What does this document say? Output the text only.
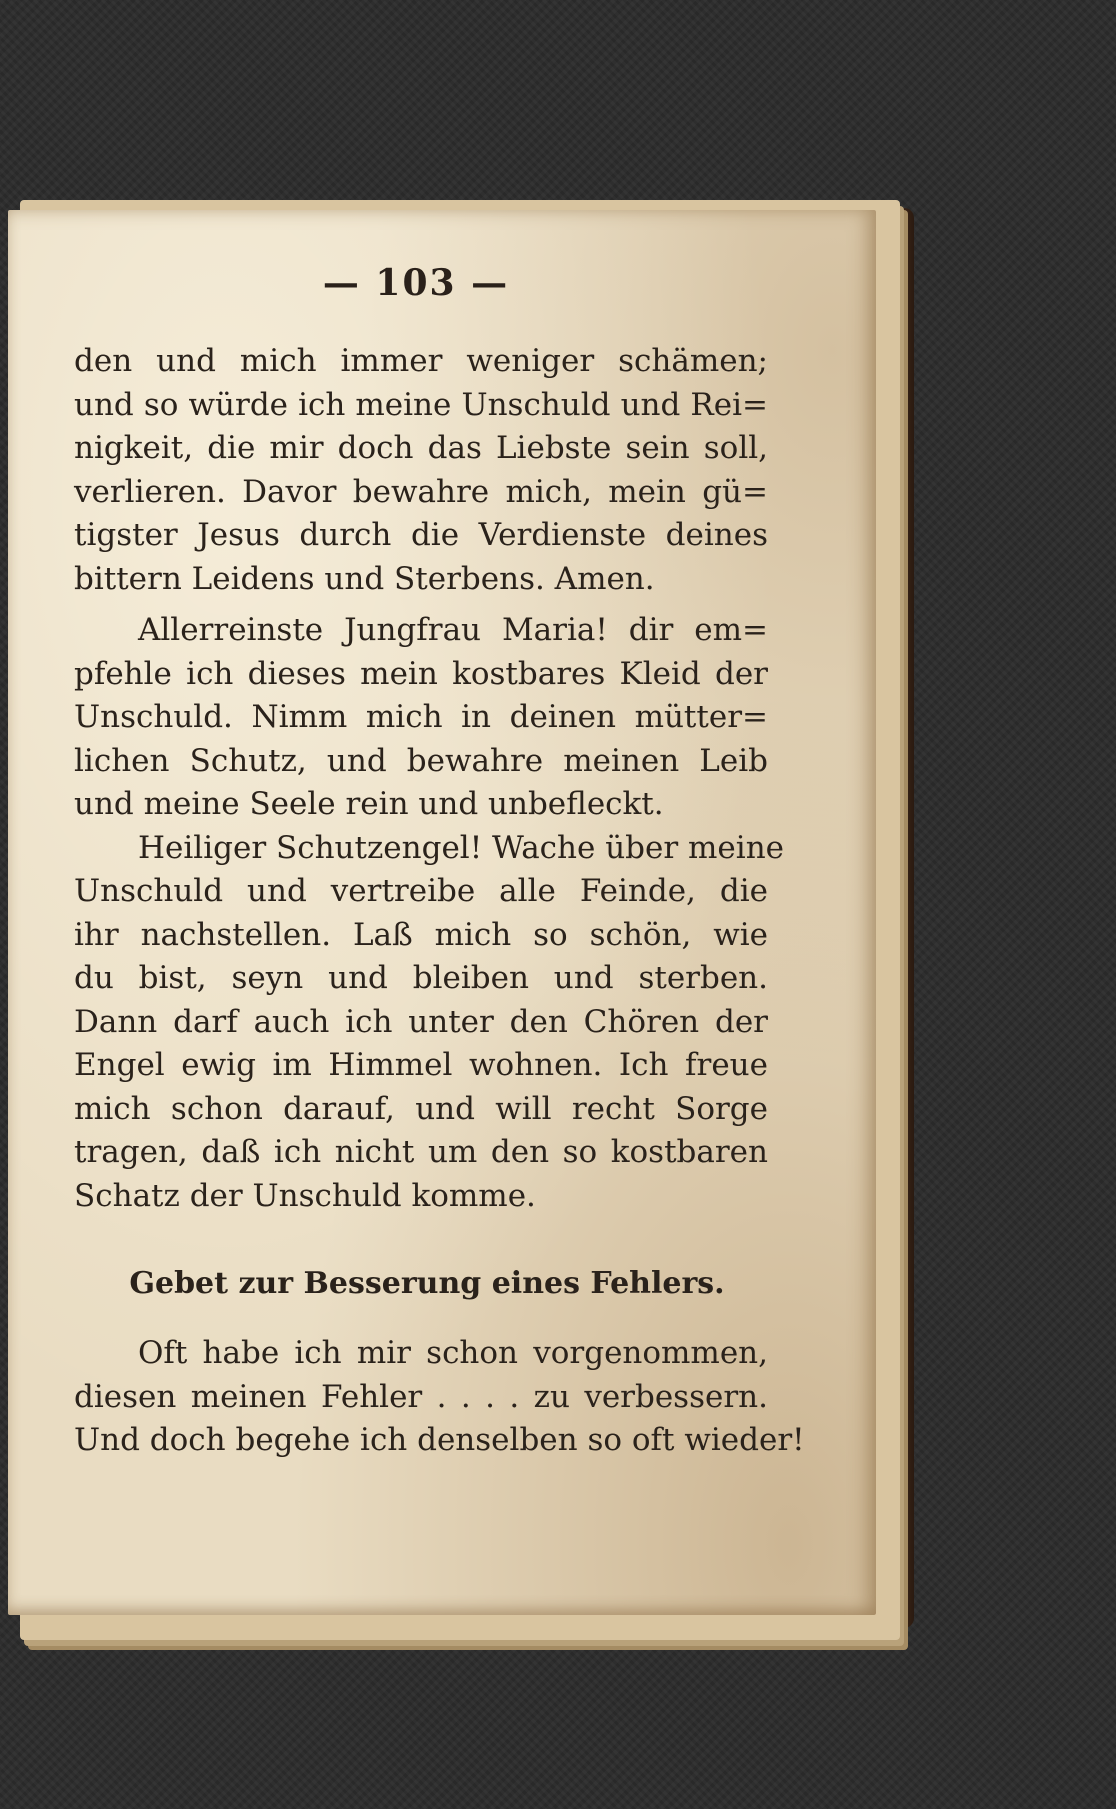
— 103 —
den und mich immer weniger schämen;
und so würde ich meine Unschuld und Rei=
nigkeit, die mir doch das Liebste sein soll,
verlieren. Davor bewahre mich, mein gü=
tigster Jesus durch die Verdienste deines
bittern Leidens und Sterbens. Amen.
Allerreinste Jungfrau Maria! dir em=
pfehle ich dieses mein kostbares Kleid der
Unschuld. Nimm mich in deinen mütter=
lichen Schutz, und bewahre meinen Leib
und meine Seele rein und unbefleckt.
Heiliger Schutzengel! Wache über meine
Unschuld und vertreibe alle Feinde, die
ihr nachstellen. Laß mich so schön, wie
du bist, seyn und bleiben und sterben.
Dann darf auch ich unter den Chören der
Engel ewig im Himmel wohnen. Ich freue
mich schon darauf, und will recht Sorge
tragen, daß ich nicht um den so kostbaren
Schatz der Unschuld komme.
Gebet zur Besserung eines Fehlers.
Oft habe ich mir schon vorgenommen,
diesen meinen Fehler . . . . zu verbessern.
Und doch begehe ich denselben so oft wieder!
